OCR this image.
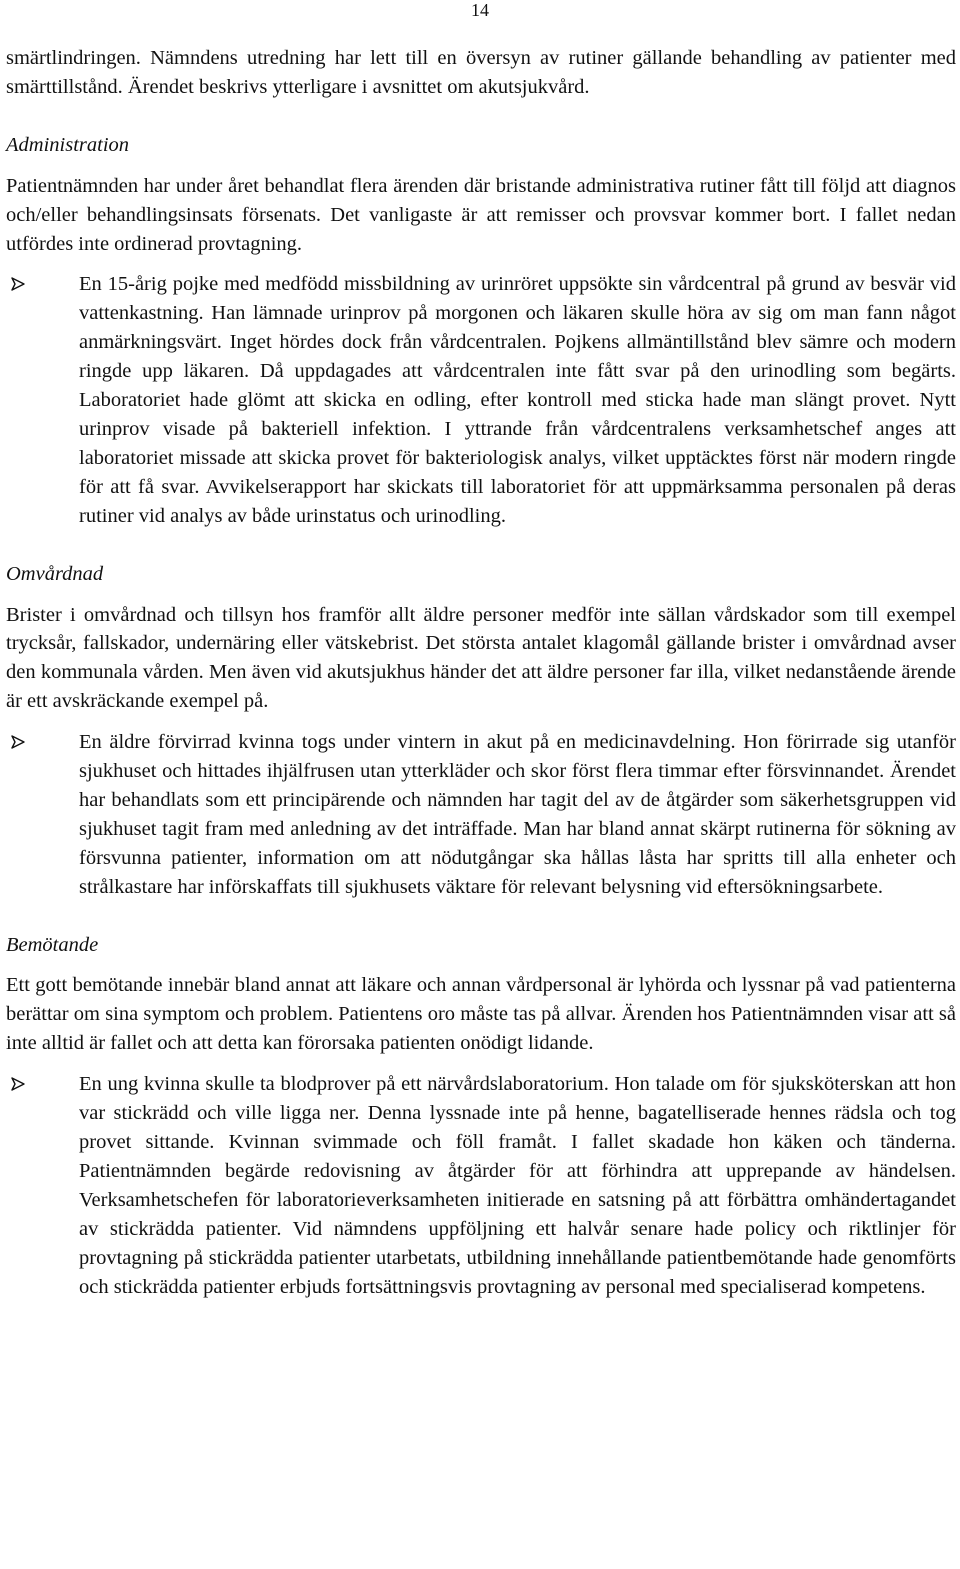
14

smärtlindringen. Nämndens utredning har lett till en översyn av rutiner gällande behandling av patienter med smärttillstånd. Ärendet beskrivs ytterligare i avsnittet om akutsjukvård.

Administration

Patientnämnden har under året behandlat flera ärenden där bristande administrativa rutiner fått till följd att diagnos och/eller behandlingsinsats försenats. Det vanligaste är att remisser och provsvar kommer bort. I fallet nedan utfördes inte ordinerad provtagning.

En 15-årig pojke med medfödd missbildning av urinröret uppsökte sin vårdcentral på grund av besvär vid vattenkastning. Han lämnade urinprov på morgonen och läkaren skulle höra av sig om man fann något anmärkningsvärt. Inget hördes dock från vårdcentralen. Pojkens allmäntillstånd blev sämre och modern ringde upp läkaren. Då uppdagades att vårdcentralen inte fått svar på den urinodling som begärts. Laboratoriet hade glömt att skicka en odling, efter kontroll med sticka hade man slängt provet. Nytt urinprov visade på bakteriell infektion. I yttrande från vårdcentralens verksamhetschef anges att laboratoriet missade att skicka provet för bakteriologisk analys, vilket upptäcktes först när modern ringde för att få svar. Avvikelserapport har skickats till laboratoriet för att uppmärksamma personalen på deras rutiner vid analys av både urinstatus och urinodling.

Omvårdnad

Brister i omvårdnad och tillsyn hos framför allt äldre personer medför inte sällan vårdskador som till exempel trycksår, fallskador, undernäring eller vätskebrist. Det största antalet klagomål gällande brister i omvårdnad avser den kommunala vården. Men även vid akutsjukhus händer det att äldre personer far illa, vilket nedanstående ärende är ett avskräckande exempel på.

En äldre förvirrad kvinna togs under vintern in akut på en medicinavdelning. Hon förirrade sig utanför sjukhuset och hittades ihjälfrusen utan ytterkläder och skor först flera timmar efter försvinnandet. Ärendet har behandlats som ett principärende och nämnden har tagit del av de åtgärder som säkerhetsgruppen vid sjukhuset tagit fram med anledning av det inträffade. Man har bland annat skärpt rutinerna för sökning av försvunna patienter, information om att nödutgångar ska hållas låsta har spritts till alla enheter och strålkastare har införskaffats till sjukhusets väktare för relevant belysning vid eftersökningsarbete.

Bemötande

Ett gott bemötande innebär bland annat att läkare och annan vårdpersonal är lyhörda och lyssnar på vad patienterna berättar om sina symptom och problem. Patientens oro måste tas på allvar. Ärenden hos Patientnämnden visar att så inte alltid är fallet och att detta kan förorsaka patienten onödigt lidande.

En ung kvinna skulle ta blodprover på ett närvårdslaboratorium. Hon talade om för sjuksköterskan att hon var stickrädd och ville ligga ner. Denna lyssnade inte på henne, bagatelliserade hennes rädsla och tog provet sittande. Kvinnan svimmade och föll framåt. I fallet skadade hon käken och tänderna. Patientnämnden begärde redovisning av åtgärder för att förhindra att upprepande av händelsen. Verksamhetschefen för laboratorieverksamheten initierade en satsning på att förbättra omhändertagandet av stickrädda patienter. Vid nämndens uppföljning ett halvår senare hade policy och riktlinjer för provtagning på stickrädda patienter utarbetats, utbildning innehållande patientbemötande hade genomförts och stickrädda patienter erbjuds fortsättningsvis provtagning av personal med specialiserad kompetens.
